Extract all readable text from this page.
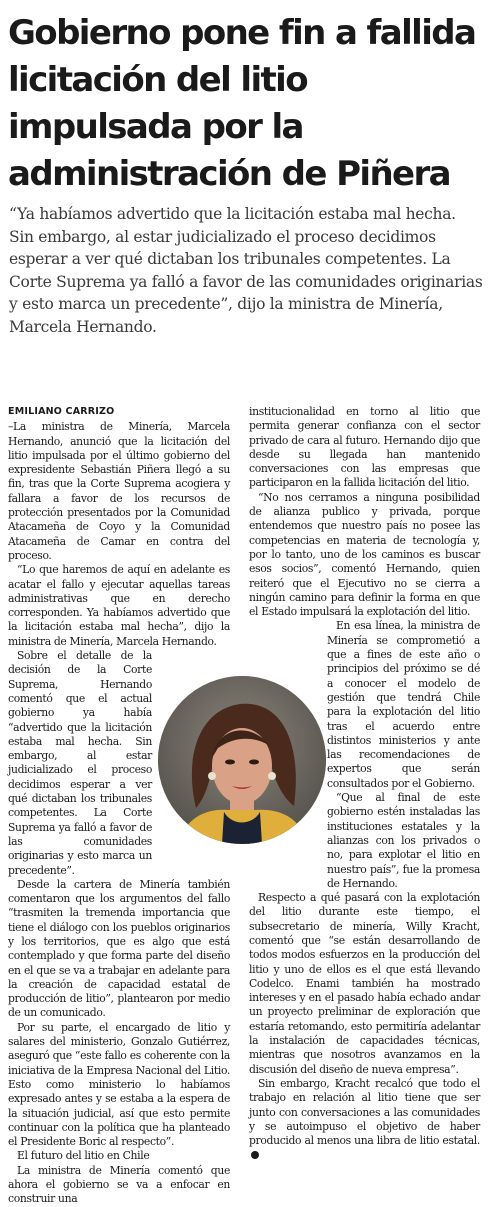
Gobierno pone fin a fallida
licitación del litio
impulsada por la
administración de Piñera
“Ya habíamos advertido que la licitación estaba mal hecha. Sin embargo, al estar judicializado el proceso decidimos esperar a ver qué dictaban los tribunales competentes. La Corte Suprema ya falló a favor de las comunidades originarias y esto marca un precedente”, dijo la ministra de Minería, Marcela Hernando.
EMILIANO CARRIZO

–La ministra de Minería, Marcela Hernando, anunció que la licitación del litio impulsada por el último gobierno del expresidente Sebastián Piñera llegó a su fin, tras que la Corte Suprema acogiera y fallara a favor de los recursos de protección presentados por la Comunidad Atacameña de Coyo y la Comunidad Atacameña de Camar en contra del proceso.

“Lo que haremos de aquí en adelante es acatar el fallo y ejecutar aquellas tareas administrativas que en derecho corresponden. Ya habíamos advertido que la licitación estaba mal hecha”, dijo la ministra de Minería, Marcela Hernando.

Sobre el detalle de la decisión de la Corte Suprema, Hernando comentó que el actual gobierno ya había “advertido que la licitación estaba mal hecha. Sin embargo, al estar judicializado el proceso decidimos esperar a ver qué dictaban los tribunales competentes. La Corte Suprema ya falló a favor de las comunidades originarias y esto marca un precedente”.

Desde la cartera de Minería también comentaron que los argumentos del fallo “trasmiten la tremenda importancia que tiene el diálogo con los pueblos originarios y los territorios, que es algo que está contemplado y que forma parte del diseño en el que se va a trabajar en adelante para la creación de capacidad estatal de producción de litio”, plantearon por medio de un comunicado.

Por su parte, el encargado de litio y salares del ministerio, Gonzalo Gutiérrez, aseguró que “este fallo es coherente con la iniciativa de la Empresa Nacional del Litio. Esto como ministerio lo habíamos expresado antes y se estaba a la espera de la situación judicial, así que esto permite continuar con la política que ha planteado el Presidente Boric al respecto”.

El futuro del litio en Chile

La ministra de Minería comentó que ahora el gobierno se va a enfocar en construir una

institucionalidad en torno al litio que permita generar confianza con el sector privado de cara al futuro. Hernando dijo que desde su llegada han mantenido conversaciones con las empresas que participaron en la fallida licitación del litio.

“No nos cerramos a ninguna posibilidad de alianza publico y privada, porque entendemos que nuestro país no posee las competencias en materia de tecnología y, por lo tanto, uno de los caminos es buscar esos socios”, comentó Hernando, quien reiteró que el Ejecutivo no se cierra a ningún camino para definir la forma en que el Estado impulsará la explotación del litio.

En esa línea, la ministra de Minería se comprometió a que a fines de este año o principios del próximo se dé a conocer el modelo de gestión que tendrá Chile para la explotación del litio tras el acuerdo entre distintos ministerios y ante las recomendaciones de expertos que serán consultados por el Gobierno.

“Que al final de este gobierno estén instaladas las instituciones estatales y la alianzas con los privados o no, para explotar el litio en nuestro país”, fue la promesa de Hernando.

Respecto a qué pasará con la explotación del litio durante este tiempo, el subsecretario de minería, Willy Kracht, comentó que “se están desarrollando de todos modos esfuerzos en la producción del litio y uno de ellos es el que está llevando Codelco. Enami también ha mostrado intereses y en el pasado había echado andar un proyecto preliminar de exploración que estaría retomando, esto permitiría adelantar la instalación de capacidades técnicas, mientras que nosotros avanzamos en la discusión del diseño de nueva empresa”.

Sin embargo, Kracht recalcó que todo el trabajo en relación al litio tiene que ser junto con conversaciones a las comunidades y se autoimpuso el objetivo de haber producido al menos una libra de litio estatal.
